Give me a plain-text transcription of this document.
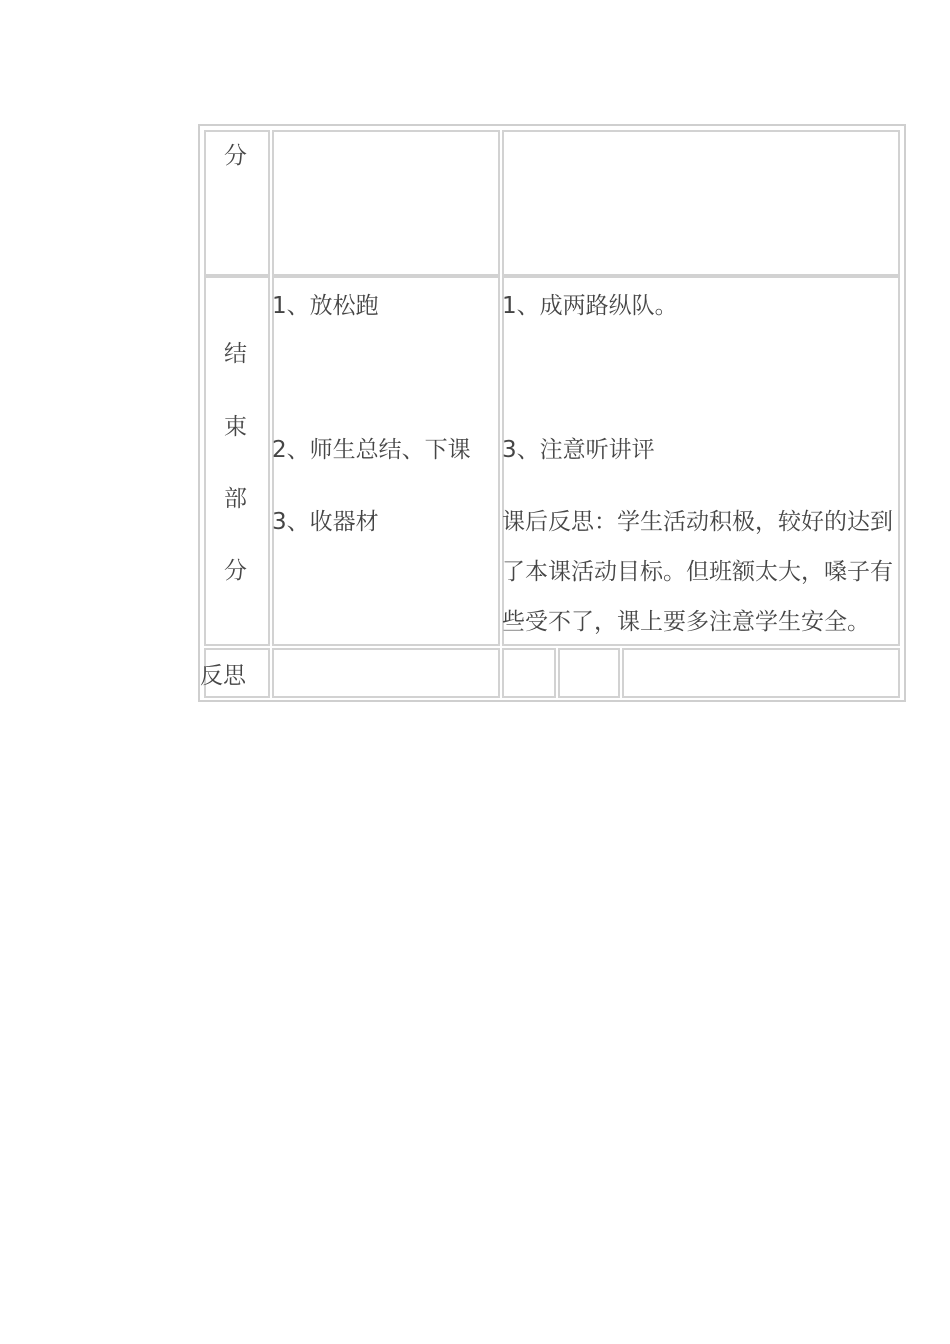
分
结
束
部
分
1、放松跑
2、师生总结、下课
3、收器材
1、成两路纵队。
3、注意听讲评
课后反思：学生活动积极，较好的达到
了本课活动目标。但班额太大，嗓子有
些受不了，课上要多注意学生安全。
反思
